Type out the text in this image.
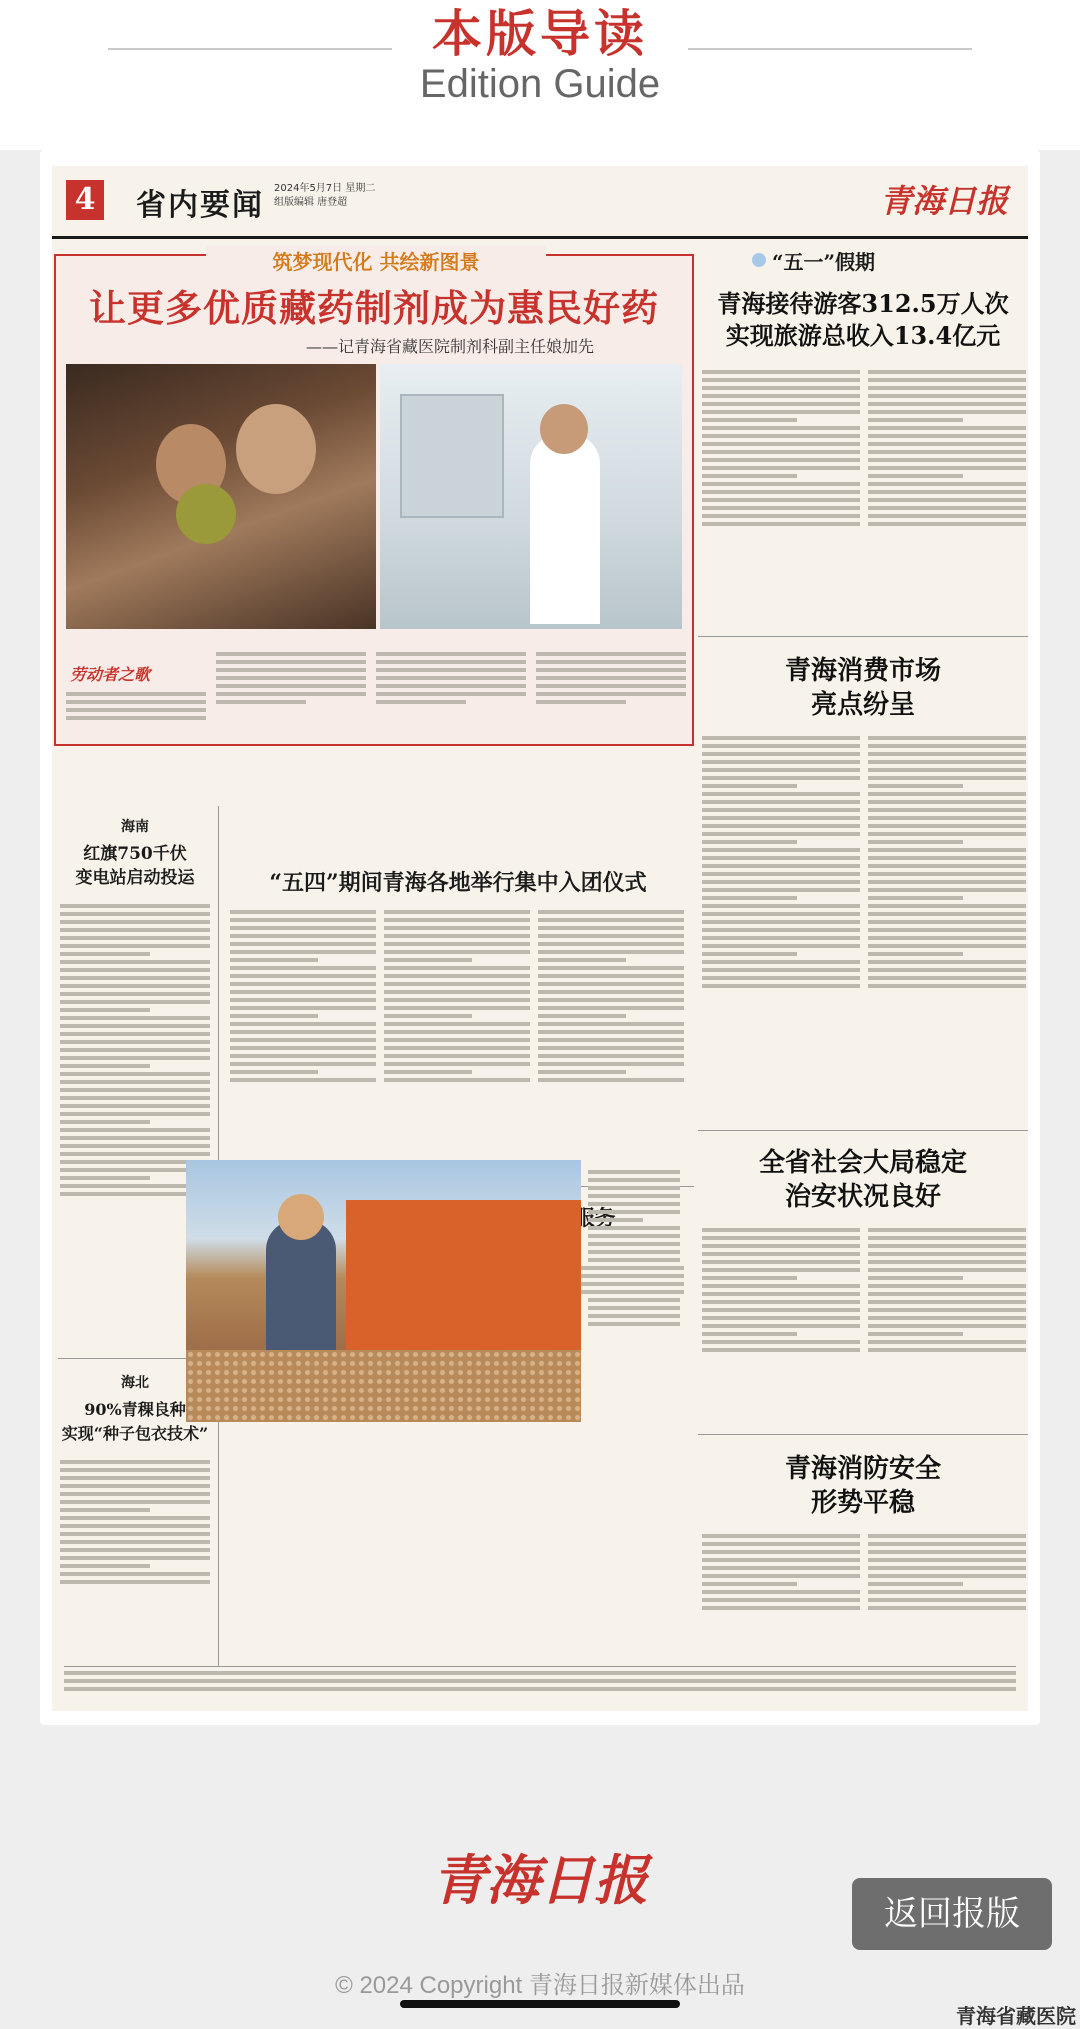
本版导读
Edition Guide
4 省内要闻 2024年5月7日 星期二
组版编辑 唐登超	青海日报
筑梦现代化 共绘新图景
让更多优质藏药制剂成为惠民好药
——记青海省藏医院制剂科副主任娘加先
劳动者之歌
“五一”假期
青海接待游客312.5万人次
实现旅游总收入13.4亿元
青海消费市场
亮点纷呈
全省社会大局稳定
治安状况良好
青海消防安全
形势平稳
海南
红旗750千伏
变电站启动投运
海北
90%青稞良种
实现“种子包衣技术”
“五四”期间青海各地举行集中入团仪式
青海日报
返回报版
© 2024 Copyright 青海日报新媒体出品
青海省藏医院
